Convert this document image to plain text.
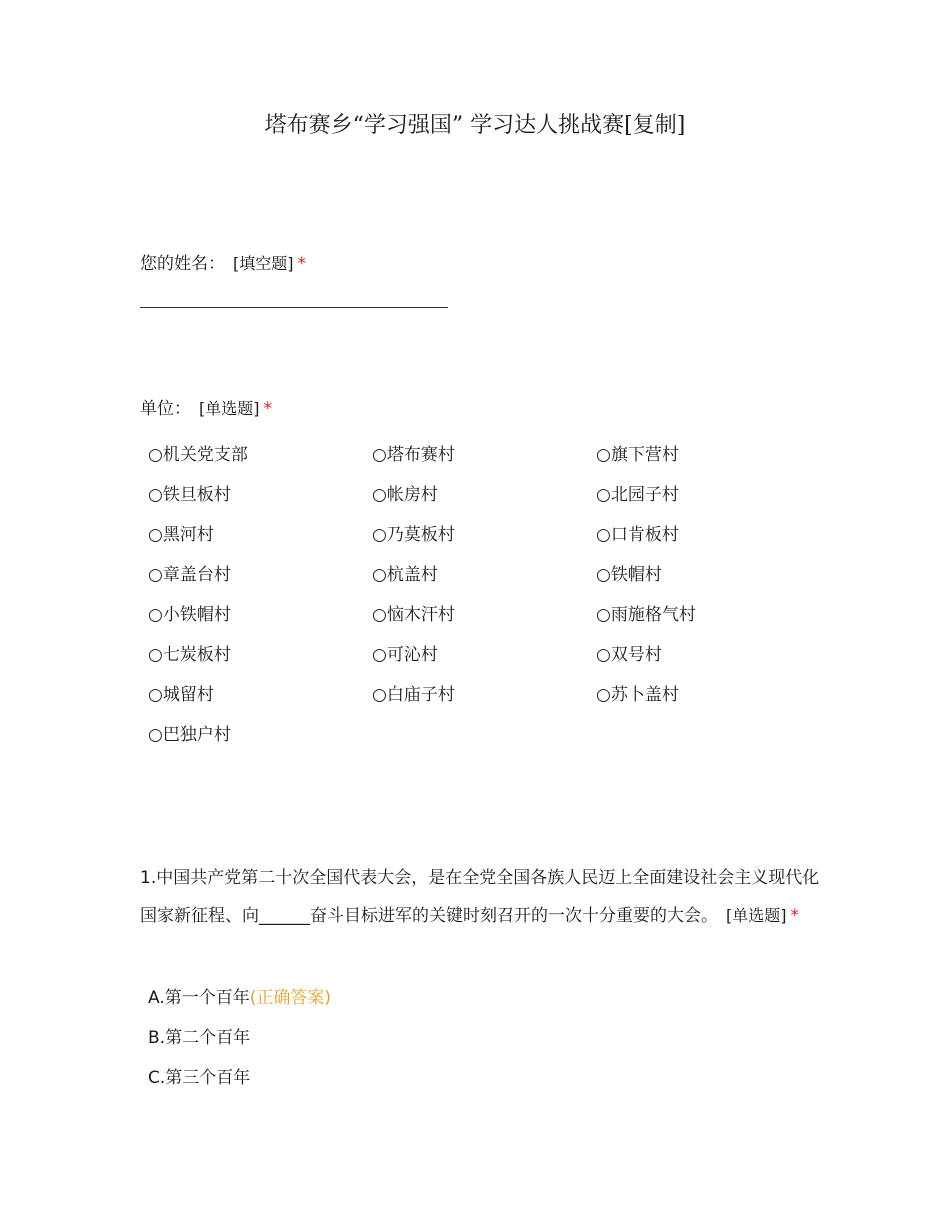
塔布赛乡“学习强国” 学习达人挑战赛[复制]
您的姓名： [填空题] *
单位： [单选题] *
○机关党支部	○塔布赛村	○旗下营村
○铁旦板村	○帐房村	○北园子村
○黑河村	○乃莫板村	○口肯板村
○章盖台村	○杭盖村	○铁帽村
○小铁帽村	○恼木汗村	○雨施格气村
○七炭板村	○可沁村	○双号村
○城留村	○白庙子村	○苏卜盖村
○巴独户村
1.中国共产党第二十次全国代表大会，是在全党全国各族人民迈上全面建设社会主义现代化国家新征程、向______奋斗目标进军的关键时刻召开的一次十分重要的大会。 [单选题] *
A.第一个百年(正确答案)
B.第二个百年
C.第三个百年
